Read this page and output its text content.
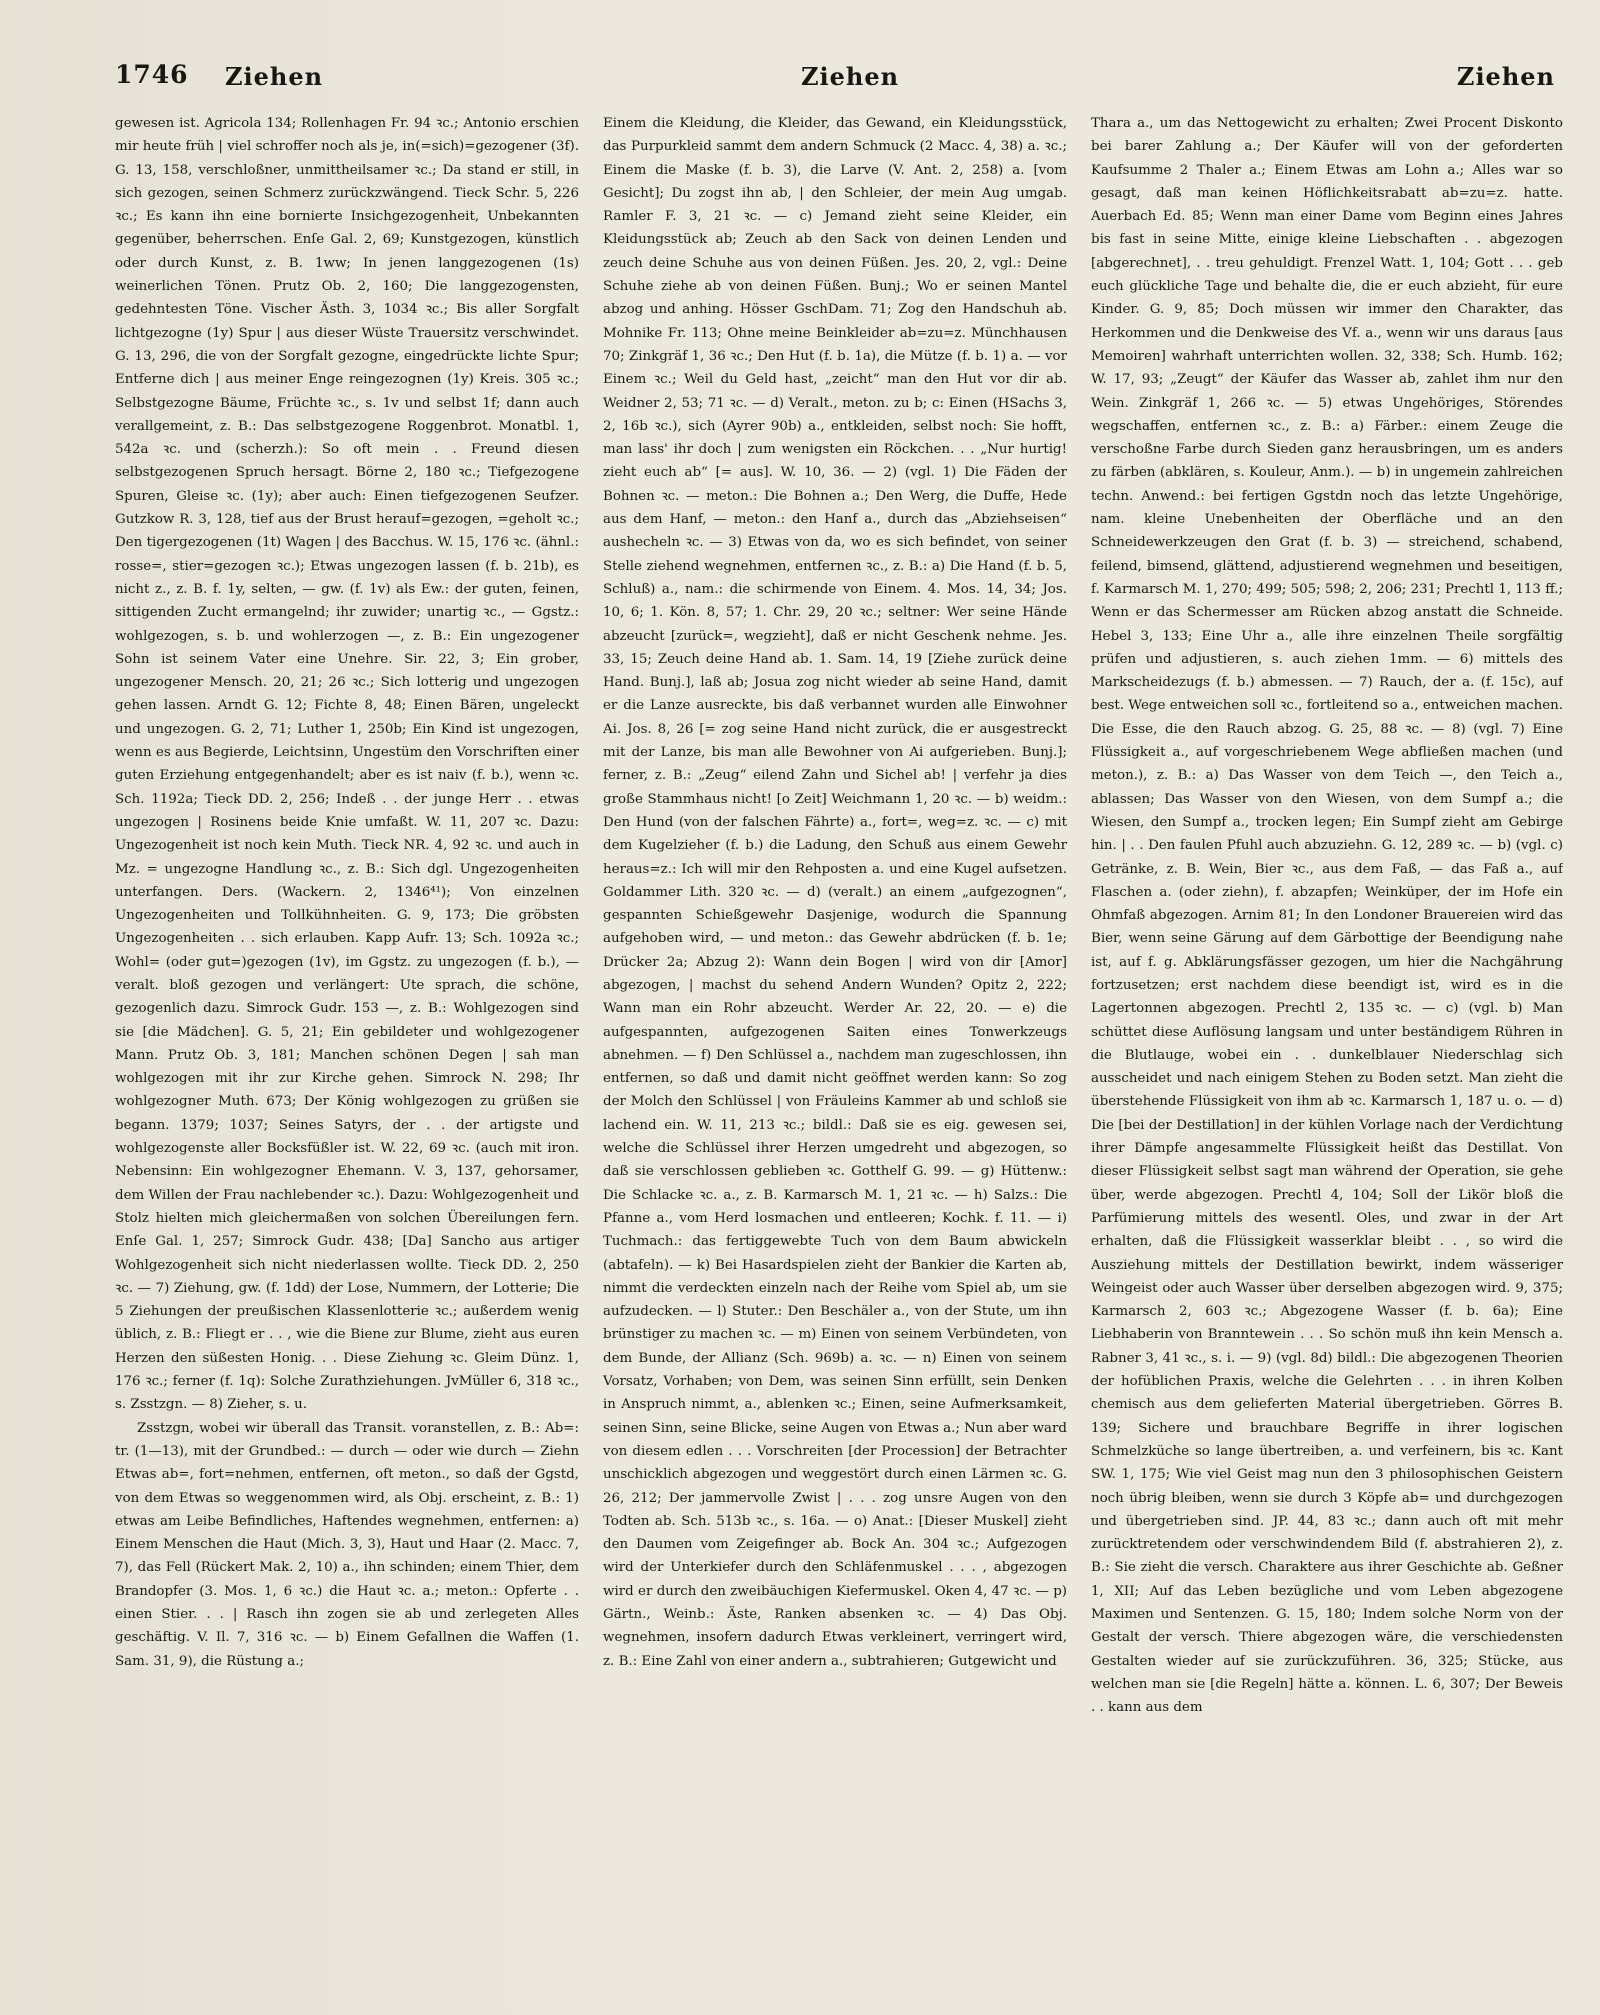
1746 Ziehen	Ziehen	Ziehen

gewesen ist. Agricola 134; Rollenhagen Fr. 94 ꝛc.; Antonio erschien mir heute früh | viel schroffer noch als je, in(=sich)=gezogener (3f). G. 13, 158, verschloßner, unmittheilsamer ꝛc.; Da stand er still, in sich gezogen, seinen Schmerz zurückzwängend. Tieck Schr. 5, 226 ꝛc.; Es kann ihn eine bornierte Insichgezogenheit, Unbekannten gegenüber, beherrschen. Enſe Gal. 2, 69; Kunstgezogen, künstlich oder durch Kunst, z. B. 1ww; In jenen langgezogenen (1s) weinerlichen Tönen. Prutz Ob. 2, 160; Die langgezogensten, gedehntesten Töne. Vischer Ästh. 3, 1034 ꝛc.; Bis aller Sorgfalt lichtgezogne (1y) Spur | aus dieser Wüste Trauersitz verschwindet. G. 13, 296, die von der Sorgfalt gezogne, eingedrückte lichte Spur; Entferne dich | aus meiner Enge reingezognen (1y) Kreis. 305 ꝛc.; Selbstgezogne Bäume, Früchte ꝛc., s. 1v und selbst 1f; dann auch verallgemeint, z. B.: Das selbstgezogene Roggenbrot. Monatbl. 1, 542a ꝛc. und (scherzh.): So oft mein . . Freund diesen selbstgezogenen Spruch hersagt. Börne 2, 180 ꝛc.; Tiefgezogene Spuren, Gleise ꝛc. (1y); aber auch: Einen tiefgezogenen Seufzer. Gutzkow R. 3, 128, tief aus der Brust herauf=gezogen, =geholt ꝛc.; Den tigergezogenen (1t) Wagen | des Bacchus. W. 15, 176 ꝛc. (ähnl.: rosse=, stier=gezogen ꝛc.); Etwas ungezogen lassen (f. b. 21b), es nicht z., z. B. f. 1y, selten, — gw. (f. 1v) als Ew.: der guten, feinen, sittigenden Zucht ermangelnd; ihr zuwider; unartig ꝛc., — Ggstz.: wohlgezogen, s. b. und wohlerzogen —, z. B.: Ein ungezogener Sohn ist seinem Vater eine Unehre. Sir. 22, 3; Ein grober, ungezogener Mensch. 20, 21; 26 ꝛc.; Sich lotterig und ungezogen gehen lassen. Arndt G. 12; Fichte 8, 48; Einen Bären, ungeleckt und ungezogen. G. 2, 71; Luther 1, 250b; Ein Kind ist ungezogen, wenn es aus Begierde, Leichtsinn, Ungestüm den Vorschriften einer guten Erziehung entgegenhandelt; aber es ist naiv (f. b.), wenn ꝛc. Sch. 1192a; Tieck DD. 2, 256; Indeß . . der junge Herr . . etwas ungezogen | Rosinens beide Knie umfaßt. W. 11, 207 ꝛc. Dazu: Ungezogenheit ist noch kein Muth. Tieck NR. 4, 92 ꝛc. und auch in Mz. = ungezogne Handlung ꝛc., z. B.: Sich dgl. Ungezogenheiten unterfangen. Ders. (Wackern. 2, 1346⁴¹); Von einzelnen Ungezogenheiten und Tollkühnheiten. G. 9, 173; Die gröbsten Ungezogenheiten . . sich erlauben. Kapp Aufr. 13; Sch. 1092a ꝛc.; Wohl= (oder gut=)gezogen (1v), im Ggstz. zu ungezogen (f. b.), — veralt. bloß gezogen und verlängert: Ute sprach, die schöne, gezogenlich dazu. Simrock Gudr. 153 —, z. B.: Wohlgezogen sind sie [die Mädchen]. G. 5, 21; Ein gebildeter und wohlgezogener Mann. Prutz Ob. 3, 181; Manchen schönen Degen | sah man wohlgezogen mit ihr zur Kirche gehen. Simrock N. 298; Ihr wohlgezogner Muth. 673; Der König wohlgezogen zu grüßen sie begann. 1379; 1037; Seines Satyrs, der . . der artigste und wohlgezogenste aller Bocksfüßler ist. W. 22, 69 ꝛc. (auch mit iron. Nebensinn: Ein wohlgezogner Ehemann. V. 3, 137, gehorsamer, dem Willen der Frau nachlebender ꝛc.). Dazu: Wohlgezogenheit und Stolz hielten mich gleichermaßen von solchen Übereilungen fern. Enſe Gal. 1, 257; Simrock Gudr. 438; [Da] Sancho aus artiger Wohlgezogenheit sich nicht niederlassen wollte. Tieck DD. 2, 250 ꝛc. — 7) Ziehung, gw. (f. 1dd) der Lose, Nummern, der Lotterie; Die 5 Ziehungen der preußischen Klassenlotterie ꝛc.; außerdem wenig üblich, z. B.: Fliegt er . . , wie die Biene zur Blume, zieht aus euren Herzen den süßesten Honig. . . Diese Ziehung ꝛc. Gleim Dünz. 1, 176 ꝛc.; ferner (f. 1q): Solche Zurathziehungen. JvMüller 6, 318 ꝛc., s. Zsstzgn. — 8) Zieher, s. u.

Zsstzgn, wobei wir überall das Transit. voranstellen, z. B.: Ab=: tr. (1—13), mit der Grundbed.: — durch — oder wie durch — Ziehn Etwas ab=, fort=nehmen, entfernen, oft meton., so daß der Ggstd, von dem Etwas so weggenommen wird, als Obj. erscheint, z. B.: 1) etwas am Leibe Befindliches, Haftendes wegnehmen, entfernen: a) Einem Menschen die Haut (Mich. 3, 3), Haut und Haar (2. Macc. 7, 7), das Fell (Rückert Mak. 2, 10) a., ihn schinden; einem Thier, dem Brandopfer (3. Mos. 1, 6 ꝛc.) die Haut ꝛc. a.; meton.: Opferte . . einen Stier. . . | Rasch ihn zogen sie ab und zerlegeten Alles geschäftig. V. Il. 7, 316 ꝛc. — b) Einem Gefallnen die Waffen (1. Sam. 31, 9), die Rüstung a.;

Einem die Kleidung, die Kleider, das Gewand, ein Kleidungsstück, das Purpurkleid sammt dem andern Schmuck (2 Macc. 4, 38) a. ꝛc.; Einem die Maske (f. b. 3), die Larve (V. Ant. 2, 258) a. [vom Gesicht]; Du zogst ihn ab, | den Schleier, der mein Aug umgab. Ramler F. 3, 21 ꝛc. — c) Jemand zieht seine Kleider, ein Kleidungsstück ab; Zeuch ab den Sack von deinen Lenden und zeuch deine Schuhe aus von deinen Füßen. Jes. 20, 2, vgl.: Deine Schuhe ziehe ab von deinen Füßen. Bunj.; Wo er seinen Mantel abzog und anhing. Hösser GschDam. 71; Zog den Handschuh ab. Mohnike Fr. 113; Ohne meine Beinkleider ab=zu=z. Münchhausen 70; Zinkgräf 1, 36 ꝛc.; Den Hut (f. b. 1a), die Mütze (f. b. 1) a. — vor Einem ꝛc.; Weil du Geld hast, „zeicht“ man den Hut vor dir ab. Weidner 2, 53; 71 ꝛc. — d) Veralt., meton. zu b; c: Einen (HSachs 3, 2, 16b ꝛc.), sich (Ayrer 90b) a., entkleiden, selbst noch: Sie hofft, man lass' ihr doch | zum wenigsten ein Röckchen. . . „Nur hurtig! zieht euch ab“ [= aus]. W. 10, 36. — 2) (vgl. 1) Die Fäden der Bohnen ꝛc. — meton.: Die Bohnen a.; Den Werg, die Duffe, Hede aus dem Hanf, — meton.: den Hanf a., durch das „Abziehseisen“ aushecheln ꝛc. — 3) Etwas von da, wo es sich befindet, von seiner Stelle ziehend wegnehmen, entfernen ꝛc., z. B.: a) Die Hand (f. b. 5, Schluß) a., nam.: die schirmende von Einem. 4. Mos. 14, 34; Jos. 10, 6; 1. Kön. 8, 57; 1. Chr. 29, 20 ꝛc.; seltner: Wer seine Hände abzeucht [zurück=, wegzieht], daß er nicht Geschenk nehme. Jes. 33, 15; Zeuch deine Hand ab. 1. Sam. 14, 19 [Ziehe zurück deine Hand. Bunj.], laß ab; Josua zog nicht wieder ab seine Hand, damit er die Lanze ausreckte, bis daß verbannet wurden alle Einwohner Ai. Jos. 8, 26 [= zog seine Hand nicht zurück, die er ausgestreckt mit der Lanze, bis man alle Bewohner von Ai aufgerieben. Bunj.]; ferner, z. B.: „Zeug“ eilend Zahn und Sichel ab! | verfehr ja dies große Stammhaus nicht! [o Zeit] Weichmann 1, 20 ꝛc. — b) weidm.: Den Hund (von der falschen Fährte) a., fort=, weg=z. ꝛc. — c) mit dem Kugelzieher (f. b.) die Ladung, den Schuß aus einem Gewehr heraus=z.: Ich will mir den Rehposten a. und eine Kugel aufsetzen. Goldammer Lith. 320 ꝛc. — d) (veralt.) an einem „aufgezognen“, gespannten Schießgewehr Dasjenige, wodurch die Spannung aufgehoben wird, — und meton.: das Gewehr abdrücken (f. b. 1e; Drücker 2a; Abzug 2): Wann dein Bogen | wird von dir [Amor] abgezogen, | machst du sehend Andern Wunden? Opitz 2, 222; Wann man ein Rohr abzeucht. Werder Ar. 22, 20. — e) die aufgespannten, aufgezogenen Saiten eines Tonwerkzeugs abnehmen. — f) Den Schlüssel a., nachdem man zugeschlossen, ihn entfernen, so daß und damit nicht geöffnet werden kann: So zog der Molch den Schlüssel | von Fräuleins Kammer ab und schloß sie lachend ein. W. 11, 213 ꝛc.; bildl.: Daß sie es eig. gewesen sei, welche die Schlüssel ihrer Herzen umgedreht und abgezogen, so daß sie verschlossen geblieben ꝛc. Gotthelf G. 99. — g) Hüttenw.: Die Schlacke ꝛc. a., z. B. Karmarsch M. 1, 21 ꝛc. — h) Salzs.: Die Pfanne a., vom Herd losmachen und entleeren; Kochk. f. 11. — i) Tuchmach.: das fertiggewebte Tuch von dem Baum abwickeln (abtafeln). — k) Bei Hasardspielen zieht der Bankier die Karten ab, nimmt die verdeckten einzeln nach der Reihe vom Spiel ab, um sie aufzudecken. — l) Stuter.: Den Beschäler a., von der Stute, um ihn brünstiger zu machen ꝛc. — m) Einen von seinem Verbündeten, von dem Bunde, der Allianz (Sch. 969b) a. ꝛc. — n) Einen von seinem Vorsatz, Vorhaben; von Dem, was seinen Sinn erfüllt, sein Denken in Anspruch nimmt, a., ablenken ꝛc.; Einen, seine Aufmerksamkeit, seinen Sinn, seine Blicke, seine Augen von Etwas a.; Nun aber ward von diesem edlen . . . Vorschreiten [der Procession] der Betrachter unschicklich abgezogen und weggestört durch einen Lärmen ꝛc. G. 26, 212; Der jammervolle Zwist | . . . zog unsre Augen von den Todten ab. Sch. 513b ꝛc., s. 16a. — o) Anat.: [Dieser Muskel] zieht den Daumen vom Zeigefinger ab. Bock An. 304 ꝛc.; Aufgezogen wird der Unterkiefer durch den Schläfenmuskel . . . , abgezogen wird er durch den zweibäuchigen Kiefermuskel. Oken 4, 47 ꝛc. — p) Gärtn., Weinb.: Äste, Ranken absenken ꝛc. — 4) Das Obj. wegnehmen, insofern dadurch Etwas verkleinert, verringert wird, z. B.: Eine Zahl von einer andern a., subtrahieren; Gutgewicht und

Thara a., um das Nettogewicht zu erhalten; Zwei Procent Diskonto bei barer Zahlung a.; Der Käufer will von der geforderten Kaufsumme 2 Thaler a.; Einem Etwas am Lohn a.; Alles war so gesagt, daß man keinen Höflichkeitsrabatt ab=zu=z. hatte. Auerbach Ed. 85; Wenn man einer Dame vom Beginn eines Jahres bis fast in seine Mitte, einige kleine Liebschaften . . abgezogen [abgerechnet], . . treu gehuldigt. Frenzel Watt. 1, 104; Gott . . . geb euch glückliche Tage und behalte die, die er euch abzieht, für eure Kinder. G. 9, 85; Doch müssen wir immer den Charakter, das Herkommen und die Denkweise des Vf. a., wenn wir uns daraus [aus Memoiren] wahrhaft unterrichten wollen. 32, 338; Sch. Humb. 162; W. 17, 93; „Zeugt“ der Käufer das Wasser ab, zahlet ihm nur den Wein. Zinkgräf 1, 266 ꝛc. — 5) etwas Ungehöriges, Störendes wegschaffen, entfernen ꝛc., z. B.: a) Färber.: einem Zeuge die verschoßne Farbe durch Sieden ganz herausbringen, um es anders zu färben (abklären, s. Kouleur, Anm.). — b) in ungemein zahlreichen techn. Anwend.: bei fertigen Ggstdn noch das letzte Ungehörige, nam. kleine Unebenheiten der Oberfläche und an den Schneidewerkzeugen den Grat (f. b. 3) — streichend, schabend, feilend, bimsend, glättend, adjustierend wegnehmen und beseitigen, f. Karmarsch M. 1, 270; 499; 505; 598; 2, 206; 231; Prechtl 1, 113 ff.; Wenn er das Schermesser am Rücken abzog anstatt die Schneide. Hebel 3, 133; Eine Uhr a., alle ihre einzelnen Theile sorgfältig prüfen und adjustieren, s. auch ziehen 1mm. — 6) mittels des Markscheidezugs (f. b.) abmessen. — 7) Rauch, der a. (f. 15c), auf best. Wege entweichen soll ꝛc., fortleitend so a., entweichen machen. Die Esse, die den Rauch abzog. G. 25, 88 ꝛc. — 8) (vgl. 7) Eine Flüssigkeit a., auf vorgeschriebenem Wege abfließen machen (und meton.), z. B.: a) Das Wasser von dem Teich —, den Teich a., ablassen; Das Wasser von den Wiesen, von dem Sumpf a.; die Wiesen, den Sumpf a., trocken legen; Ein Sumpf zieht am Gebirge hin. | . . Den faulen Pfuhl auch abzuziehn. G. 12, 289 ꝛc. — b) (vgl. c) Getränke, z. B. Wein, Bier ꝛc., aus dem Faß, — das Faß a., auf Flaschen a. (oder ziehn), f. abzapfen; Weinküper, der im Hofe ein Ohmfaß abgezogen. Arnim 81; In den Londoner Brauereien wird das Bier, wenn seine Gärung auf dem Gärbottige der Beendigung nahe ist, auf f. g. Abklärungsfässer gezogen, um hier die Nachgährung fortzusetzen; erst nachdem diese beendigt ist, wird es in die Lagertonnen abgezogen. Prechtl 2, 135 ꝛc. — c) (vgl. b) Man schüttet diese Auflösung langsam und unter beständigem Rühren in die Blutlauge, wobei ein . . dunkelblauer Niederschlag sich ausscheidet und nach einigem Stehen zu Boden setzt. Man zieht die überstehende Flüssigkeit von ihm ab ꝛc. Karmarsch 1, 187 u. o. — d) Die [bei der Destillation] in der kühlen Vorlage nach der Verdichtung ihrer Dämpfe angesammelte Flüssigkeit heißt das Destillat. Von dieser Flüssigkeit selbst sagt man während der Operation, sie gehe über, werde abgezogen. Prechtl 4, 104; Soll der Likör bloß die Parfümierung mittels des wesentl. Oles, und zwar in der Art erhalten, daß die Flüssigkeit wasserklar bleibt . . , so wird die Ausziehung mittels der Destillation bewirkt, indem wässeriger Weingeist oder auch Wasser über derselben abgezogen wird. 9, 375; Karmarsch 2, 603 ꝛc.; Abgezogene Wasser (f. b. 6a); Eine Liebhaberin von Branntewein . . . So schön muß ihn kein Mensch a. Rabner 3, 41 ꝛc., s. i. — 9) (vgl. 8d) bildl.: Die abgezogenen Theorien der hofüblichen Praxis, welche die Gelehrten . . . in ihren Kolben chemisch aus dem gelieferten Material übergetrieben. Görres B. 139; Sichere und brauchbare Begriffe in ihrer logischen Schmelzküche so lange übertreiben, a. und verfeinern, bis ꝛc. Kant SW. 1, 175; Wie viel Geist mag nun den 3 philosophischen Geistern noch übrig bleiben, wenn sie durch 3 Köpfe ab= und durchgezogen und übergetrieben sind. JP. 44, 83 ꝛc.; dann auch oft mit mehr zurücktretendem oder verschwindendem Bild (f. abstrahieren 2), z. B.: Sie zieht die versch. Charaktere aus ihrer Geschichte ab. Geßner 1, XII; Auf das Leben bezügliche und vom Leben abgezogene Maximen und Sentenzen. G. 15, 180; Indem solche Norm von der Gestalt der versch. Thiere abgezogen wäre, die verschiedensten Gestalten wieder auf sie zurückzuführen. 36, 325; Stücke, aus welchen man sie [die Regeln] hätte a. können. L. 6, 307; Der Beweis . . kann aus dem
